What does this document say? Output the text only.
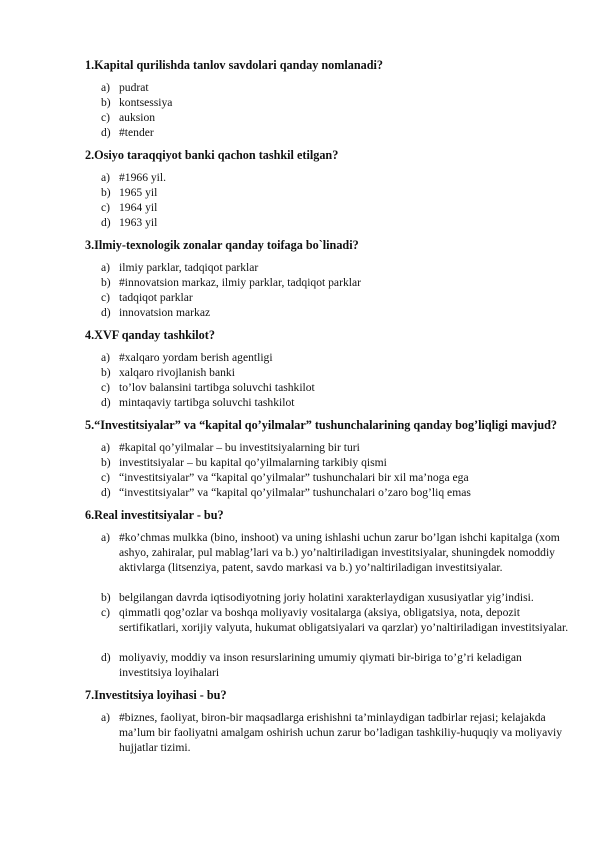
1.Kapital qurilishda tanlov savdolari qanday nomlanadi?
a) pudrat
b) kontsessiya
c) auksion
d) #tender
2.Osiyo taraqqiyot banki qachon tashkil etilgan?
a) #1966 yil.
b) 1965 yil
c) 1964 yil
d) 1963 yil
3.Ilmiy-texnologik zonalar qanday toifaga bo`linadi?
a) ilmiy parklar, tadqiqot parklar
b) #innovatsion markaz, ilmiy parklar, tadqiqot parklar
c) tadqiqot parklar
d) innovatsion markaz
4.XVF qanday tashkilot?
a) #xalqaro yordam berish agentligi
b) xalqaro rivojlanish banki
c) to’lov balansini tartibga soluvchi tashkilot
d) mintaqaviy tartibga soluvchi tashkilot
5.“Investitsiyalar” va “kapital qo’yilmalar” tushunchalarining qanday bog’liqligi mavjud?
a) #kapital qo’yilmalar – bu investitsiyalarning bir turi
b) investitsiyalar – bu kapital qo’yilmalarning tarkibiy qismi
c) “investitsiyalar” va “kapital qo’yilmalar” tushunchalari bir xil ma’noga ega
d) “investitsiyalar” va “kapital qo’yilmalar” tushunchalari o’zaro bog’liq emas
6.Real investitsiyalar - bu?
a) #ko’chmas mulkka (bino, inshoot) va uning ishlashi uchun zarur bo’lgan ishchi kapitalga (xom ashyo, zahiralar, pul mablag’lari va b.) yo’naltiriladigan investitsiyalar, shuningdek nomoddiy aktivlarga (litsenziya, patent, savdo markasi va b.) yo’naltiriladigan investitsiyalar.
b) belgilangan davrda iqtisodiyotning joriy holatini xarakterlaydigan xususiyatlar yig’indisi.
c) qimmatli qog’ozlar va boshqa moliyaviy vositalarga (aksiya, obligatsiya, nota, depozit sertifikatlari, xorijiy valyuta, hukumat obligatsiyalari va qarzlar) yo’naltiriladigan investitsiyalar.
d) moliyaviy, moddiy va inson resurslarining umumiy qiymati bir-biriga to’g’ri keladigan investitsiya loyihalari
7.Investitsiya loyihasi - bu?
a) #biznes, faoliyat, biron-bir maqsadlarga erishishni ta’minlaydigan tadbirlar rejasi; kelajakda ma’lum bir faoliyatni amalgam oshirish uchun zarur bo’ladigan tashkiliy-huquqiy va moliyaviy hujjatlar tizimi.
